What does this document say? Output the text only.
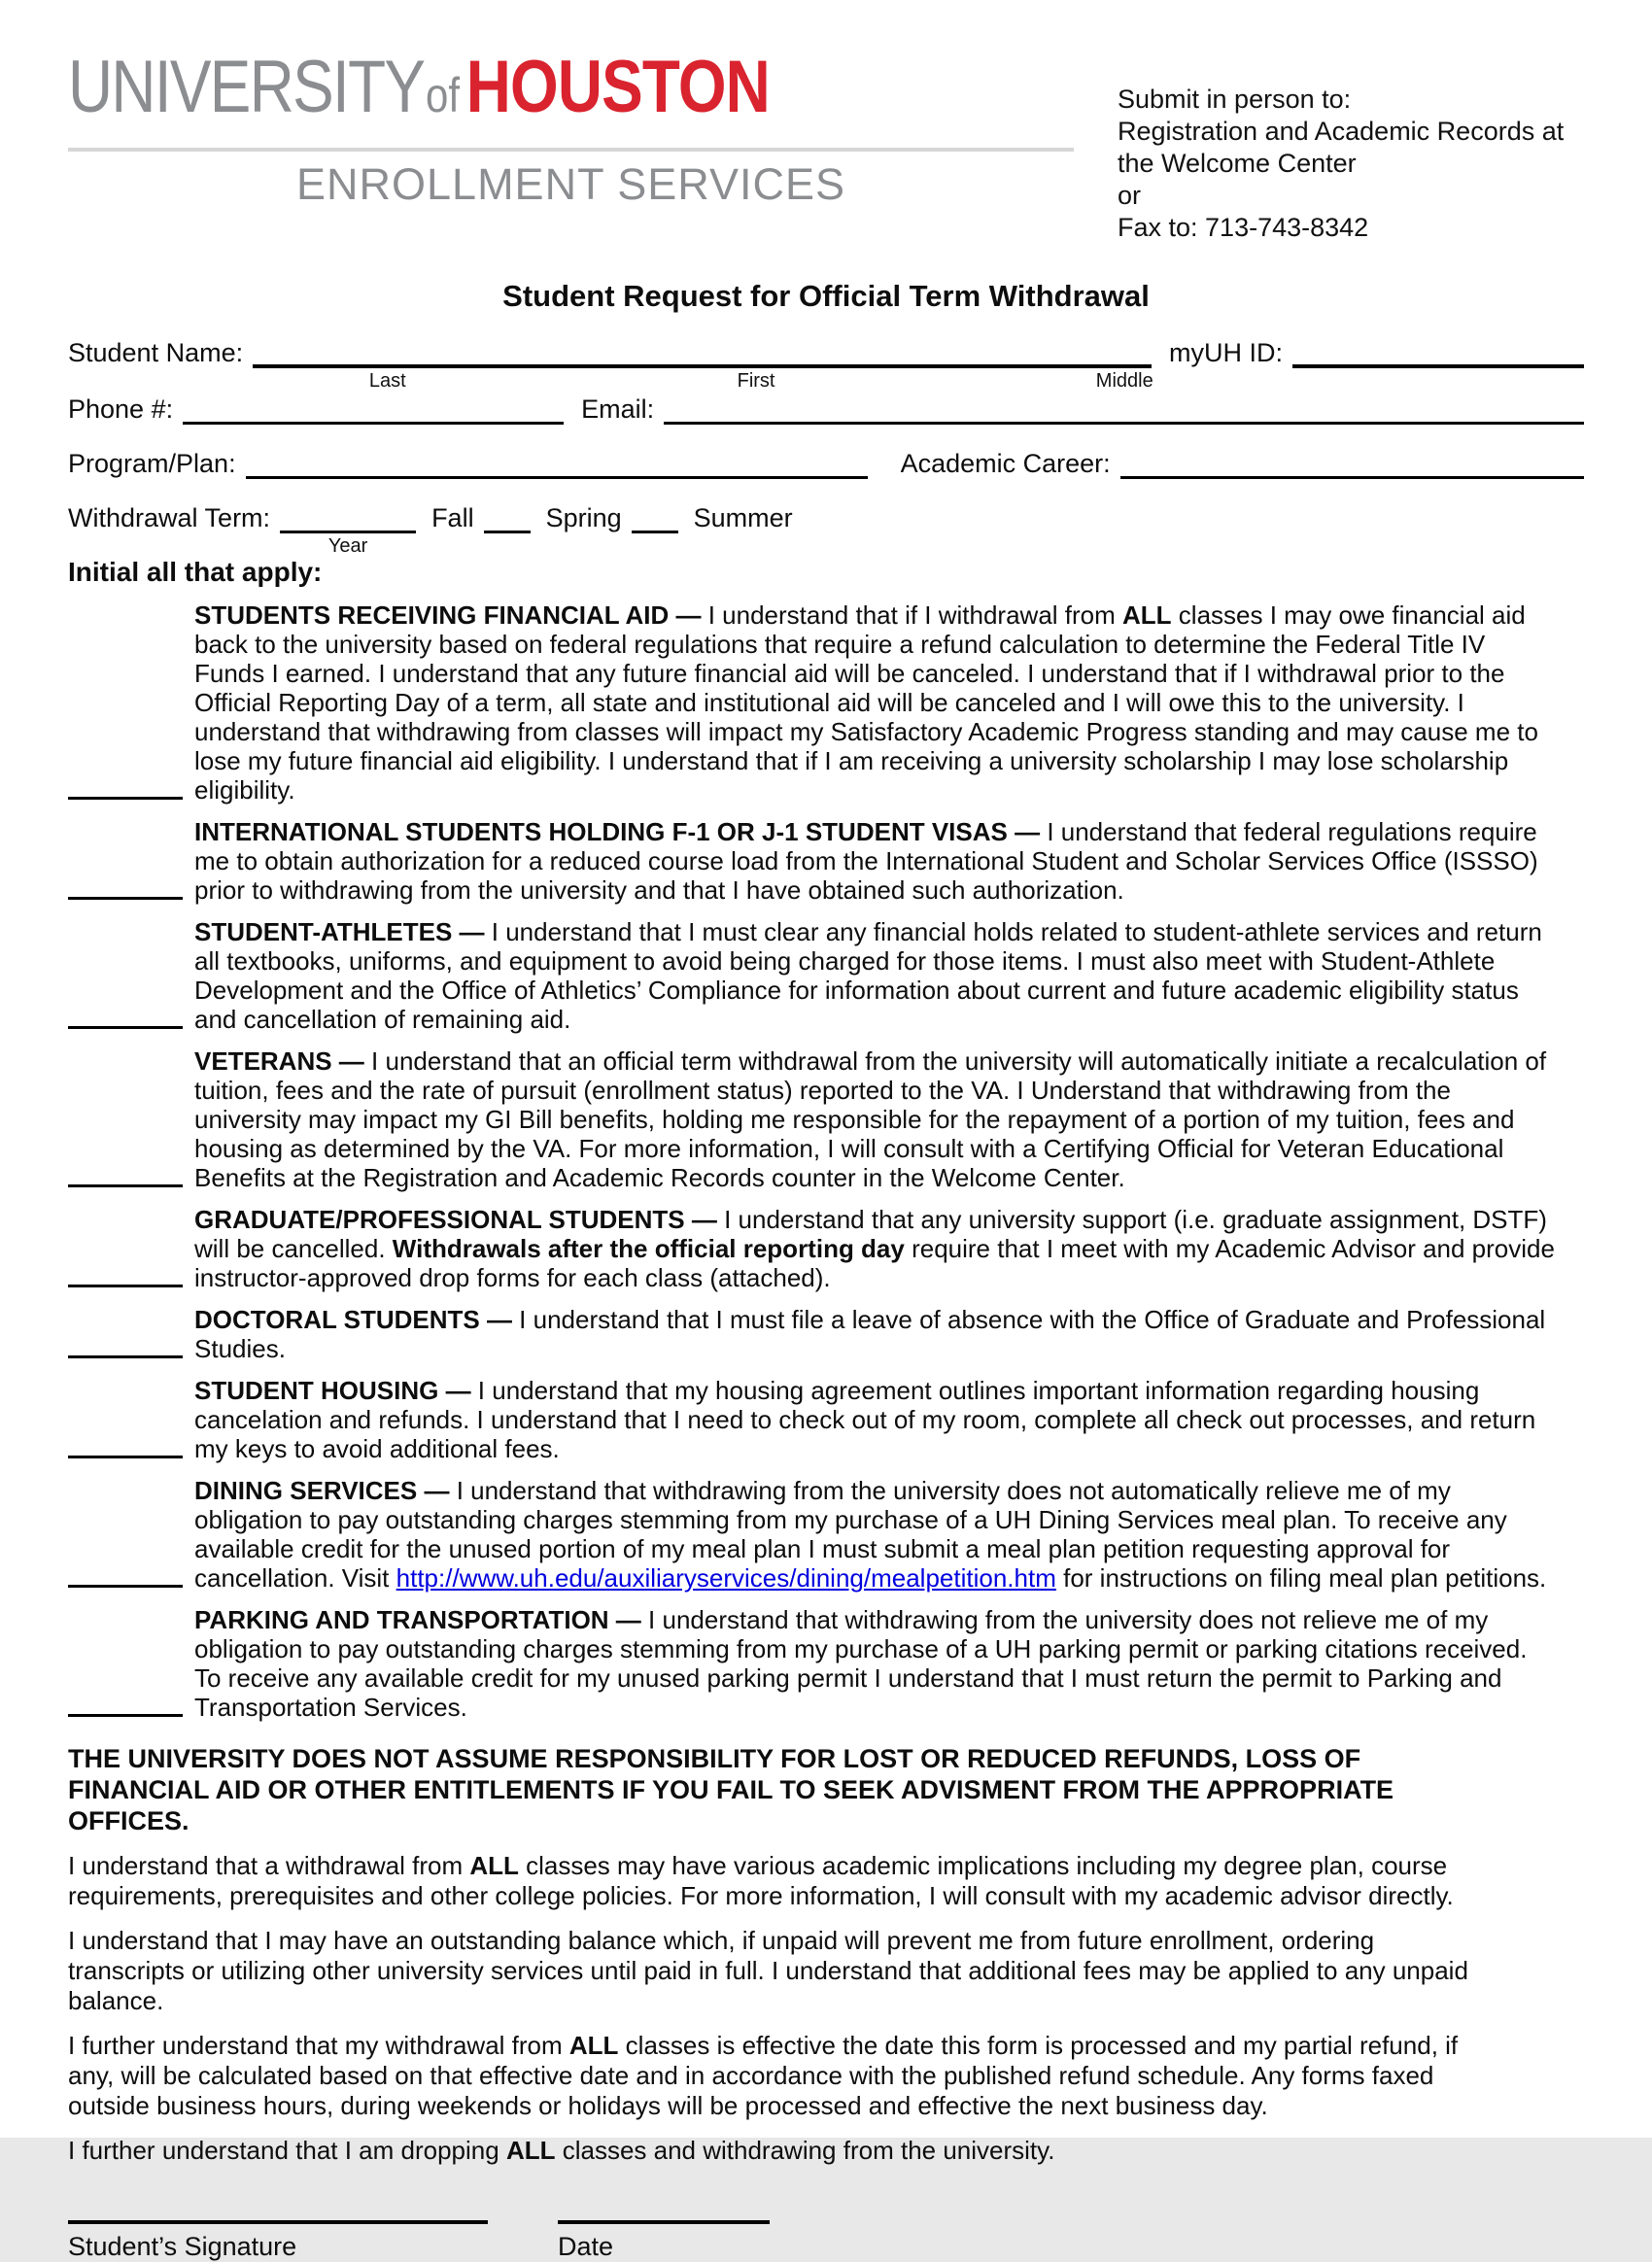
UNIVERSITYofHOUSTON
ENROLLMENT SERVICES
Submit in person to:
Registration and Academic Records at
the Welcome Center
or
Fax to: 713-743-8342
Student Request for Official Term Withdrawal
Student Name:
Last	First	Middle
myUH ID:
Phone #:	Email:
Program/Plan:	Academic Career:
Withdrawal Term:
Year
Fall	Spring	Summer
Initial all that apply:

STUDENTS RECEIVING FINANCIAL AID — I understand that if I withdrawal from ALL classes I may owe financial aid back to the university based on federal regulations that require a refund calculation to determine the Federal Title IV Funds I earned. I understand that any future financial aid will be canceled. I understand that if I withdrawal prior to the Official Reporting Day of a term, all state and institutional aid will be canceled and I will owe this to the university. I understand that withdrawing from classes will impact my Satisfactory Academic Progress standing and may cause me to lose my future financial aid eligibility. I understand that if I am receiving a university scholarship I may lose scholarship eligibility.

INTERNATIONAL STUDENTS HOLDING F-1 OR J-1 STUDENT VISAS — I understand that federal regulations require me to obtain authorization for a reduced course load from the International Student and Scholar Services Office (ISSSO) prior to withdrawing from the university and that I have obtained such authorization.

STUDENT-ATHLETES — I understand that I must clear any financial holds related to student-athlete services and return all textbooks, uniforms, and equipment to avoid being charged for those items. I must also meet with Student-Athlete Development and the Office of Athletics’ Compliance for information about current and future academic eligibility status and cancellation of remaining aid.

VETERANS — I understand that an official term withdrawal from the university will automatically initiate a recalculation of tuition, fees and the rate of pursuit (enrollment status) reported to the VA. I Understand that withdrawing from the university may impact my GI Bill benefits, holding me responsible for the repayment of a portion of my tuition, fees and housing as determined by the VA. For more information, I will consult with a Certifying Official for Veteran Educational Benefits at the Registration and Academic Records counter in the Welcome Center.

GRADUATE/PROFESSIONAL STUDENTS — I understand that any university support (i.e. graduate assignment, DSTF) will be cancelled. Withdrawals after the official reporting day require that I meet with my Academic Advisor and provide instructor-approved drop forms for each class (attached).

DOCTORAL STUDENTS — I understand that I must file a leave of absence with the Office of Graduate and Professional Studies.

STUDENT HOUSING — I understand that my housing agreement outlines important information regarding housing cancelation and refunds. I understand that I need to check out of my room, complete all check out processes, and return my keys to avoid additional fees.

DINING SERVICES — I understand that withdrawing from the university does not automatically relieve me of my obligation to pay outstanding charges stemming from my purchase of a UH Dining Services meal plan. To receive any available credit for the unused portion of my meal plan I must submit a meal plan petition requesting approval for cancellation. Visit http://www.uh.edu/auxiliaryservices/dining/mealpetition.htm for instructions on filing meal plan petitions.

PARKING AND TRANSPORTATION — I understand that withdrawing from the university does not relieve me of my obligation to pay outstanding charges stemming from my purchase of a UH parking permit or parking citations received. To receive any available credit for my unused parking permit I understand that I must return the permit to Parking and Transportation Services.

THE UNIVERSITY DOES NOT ASSUME RESPONSIBILITY FOR LOST OR REDUCED REFUNDS, LOSS OF FINANCIAL AID OR OTHER ENTITLEMENTS IF YOU FAIL TO SEEK ADVISMENT FROM THE APPROPRIATE OFFICES.

I understand that a withdrawal from ALL classes may have various academic implications including my degree plan, course requirements, prerequisites and other college policies. For more information, I will consult with my academic advisor directly.

I understand that I may have an outstanding balance which, if unpaid will prevent me from future enrollment, ordering transcripts or utilizing other university services until paid in full. I understand that additional fees may be applied to any unpaid balance.

I further understand that my withdrawal from ALL classes is effective the date this form is processed and my partial refund, if any, will be calculated based on that effective date and in accordance with the published refund schedule. Any forms faxed outside business hours, during weekends or holidays will be processed and effective the next business day.

I further understand that I am dropping ALL classes and withdrawing from the university.

Student’s Signature	Date
